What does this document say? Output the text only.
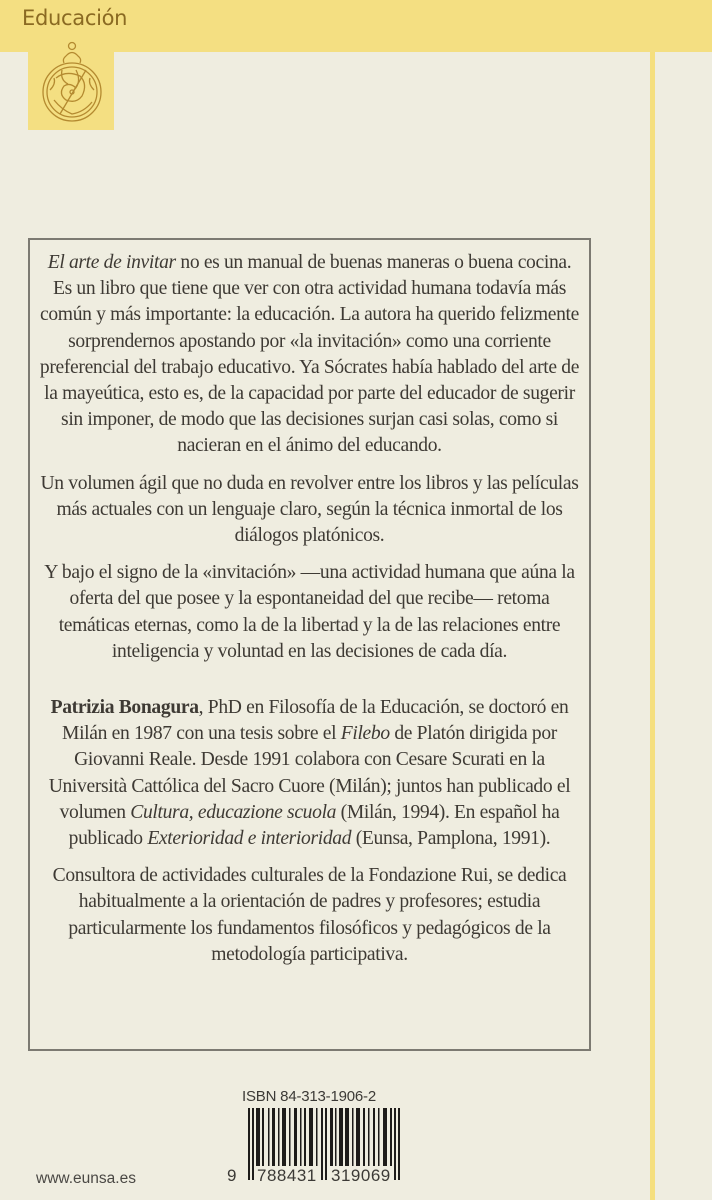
Educación

El arte de invitar no es un manual de buenas maneras o buena cocina. Es un libro que tiene que ver con otra actividad humana todavía más común y más importante: la educación. La autora ha querido felizmente sorprendernos apostando por «la invitación» como una corriente preferencial del trabajo educativo. Ya Sócrates había hablado del arte de la mayeútica, esto es, de la capacidad por parte del educador de sugerir sin imponer, de modo que las decisiones surjan casi solas, como si nacieran en el ánimo del educando.

Un volumen ágil que no duda en revolver entre los libros y las películas más actuales con un lenguaje claro, según la técnica inmortal de los diálogos platónicos.

Y bajo el signo de la «invitación» —una actividad humana que aúna la oferta del que posee y la espontaneidad del que recibe— retoma temáticas eternas, como la de la libertad y la de las relaciones entre inteligencia y voluntad en las decisiones de cada día.

Patrizia Bonagura, PhD en Filosofía de la Educación, se doctoró en Milán en 1987 con una tesis sobre el Filebo de Platón dirigida por Giovanni Reale. Desde 1991 colabora con Cesare Scurati en la Università Cattólica del Sacro Cuore (Milán); juntos han publicado el volumen Cultura, educazione scuola (Milán, 1994). En español ha publicado Exterioridad e interioridad (Eunsa, Pamplona, 1991).

Consultora de actividades culturales de la Fondazione Rui, se dedica habitualmente a la orientación de padres y profesores; estudia particularmente los fundamentos filosóficos y pedagógicos de la metodología participativa.

ISBN 84-313-1906-2
9 788431 319069
www.eunsa.es
